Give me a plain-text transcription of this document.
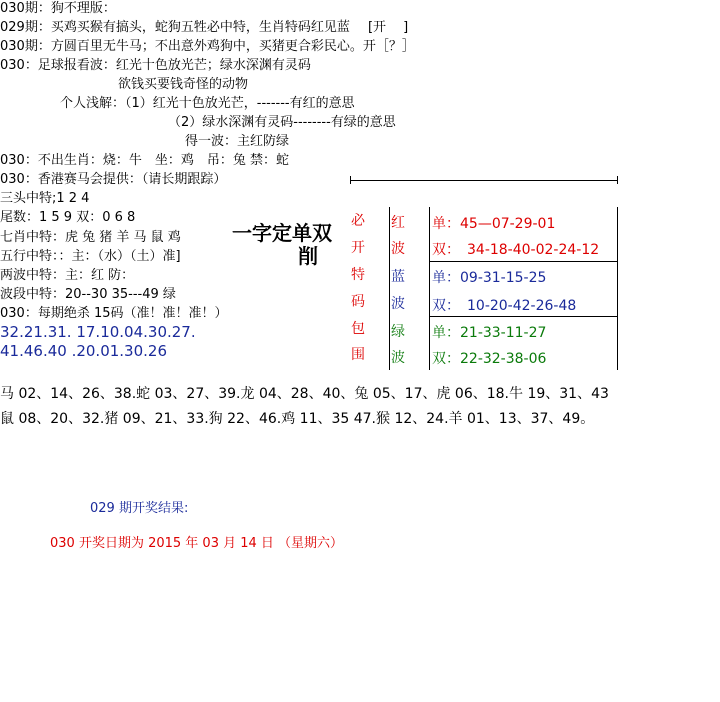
030期：狗不理版：
029期：买鸡买猴有搞头，蛇狗五牲必中特，生肖特码红见蓝 [开　 ]
030期：方圆百里无牛马；不出意外鸡狗中，买猪更合彩民心。开［？］
030：足球报看波：红光十色放光芒；绿水深渊有灵码
欲钱买要钱奇怪的动物
个人浅解：（1）红光十色放光芒，-------有红的意思
（2）绿水深渊有灵码--------有绿的意思
得一波：主红防绿
030：不出生肖：烧：牛　坐：鸡　吊：兔 禁：蛇
030：香港赛马会提供：（请长期跟踪）
三头中特;1 2 4
尾数：1 5 9 双：0 6 8
七肖中特：虎 兔 猪 羊 马 鼠 鸡
五行中特：：主：（水）（土）准]
两波中特：主：红 防：
波段中特：20--30 35---49 绿
030：每期绝杀 15码（准！准！准！）
32.21.31. 17.10.04.30.27.
41.46.40 .20.01.30.26
一字定单双
削
必
开
特
码
包
围
红
波
蓝
波
绿
波
单：45—07-29-01
双：　34-18-40-02-24-12
单：09-31-15-25
双：　10-20-42-26-48
单：21-33-11-27
双：22-32-38-06
马 02、14、26、38.蛇 03、27、39.龙 04、28、40、兔 05、17、虎 06、18.牛 19、31、43
鼠 08、20、32.猪 09、21、33.狗 22、46.鸡 11、35 47.猴 12、24.羊 01、13、37、49。
029 期开奖结果:
030 开奖日期为 2015 年 03 月 14 日 （星期六）
